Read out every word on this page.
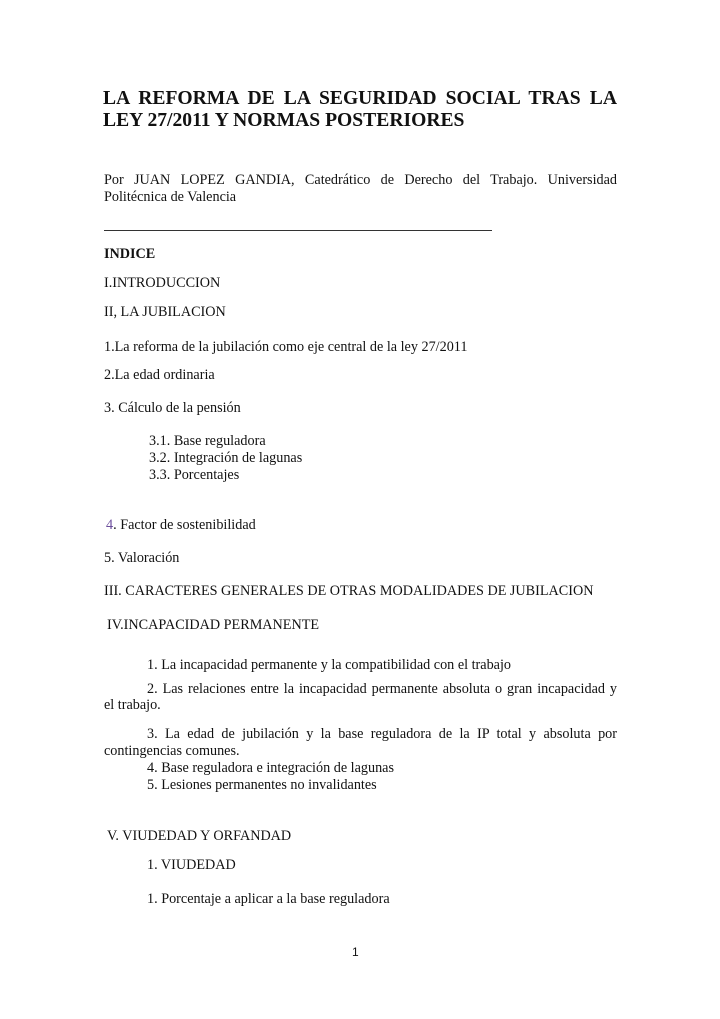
LA REFORMA DE LA SEGURIDAD SOCIAL TRAS LA
LEY 27/2011 Y NORMAS POSTERIORES
Por JUAN LOPEZ GANDIA, Catedrático de Derecho del Trabajo. Universidad
Politécnica de Valencia
INDICE
I.INTRODUCCION
II, LA JUBILACION
1.La reforma de la jubilación como eje central de la ley 27/2011
2.La edad ordinaria
3. Cálculo de la pensión
3.1. Base reguladora
3.2. Integración de lagunas
3.3. Porcentajes
4. Factor de sostenibilidad
5. Valoración
III. CARACTERES GENERALES DE OTRAS MODALIDADES DE JUBILACION
IV.INCAPACIDAD PERMANENTE
1. La incapacidad permanente y la compatibilidad con el trabajo
2. Las relaciones entre la incapacidad permanente absoluta o gran incapacidad y
el trabajo.
3. La edad de jubilación y la base reguladora de la IP total y absoluta por
contingencias comunes.
4. Base reguladora e integración de lagunas
5. Lesiones permanentes no invalidantes
V. VIUDEDAD Y ORFANDAD
1. VIUDEDAD
1. Porcentaje a aplicar a la base reguladora
1
